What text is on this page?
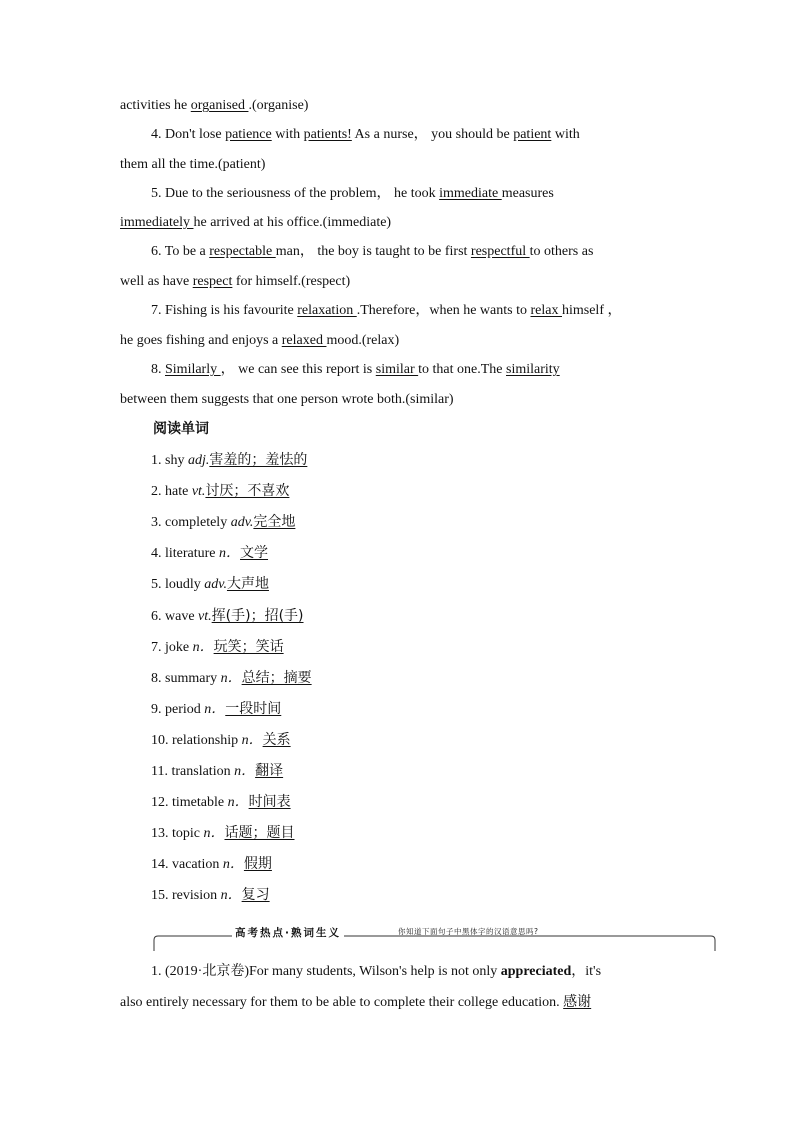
activities he organised .(organise)
4. Don't lose patience with patients! As a nurse， you should be patient with
them all the time.(patient)
5. Due to the seriousness of the problem， he took immediate measures
immediately he arrived at his office.(immediate)
6. To be a respectable man， the boy is taught to be first respectful to others as
well as have respect for himself.(respect)
7. Fishing is his favourite relaxation .Therefore，when he wants to relax himself ，
he goes fishing and enjoys a relaxed mood.(relax)
8. Similarly ， we can see this report is similar to that one.The similarity
between them suggests that one person wrote both.(similar)
阅读单词
1. shy adj.害羞的；羞怯的
2. hate vt.讨厌；不喜欢
3. completely adv.完全地
4. literature n．文学
5. loudly adv.大声地
6. wave vt.挥(手)；招(手)
7. joke n．玩笑；笑话
8. summary n．总结；摘要
9. period n．一段时间
10. relationship n．关系
11. translation n．翻译
12. timetable n．时间表
13. topic n．话题；题目
14. vacation n．假期
15. revision n．复习
高考热点·熟词生义	你知道下面句子中黑体字的汉语意思吗?
1. (2019·北京卷)For many students, Wilson's help is not only appreciated，it's
also entirely necessary for them to be able to complete their college education. 感谢
